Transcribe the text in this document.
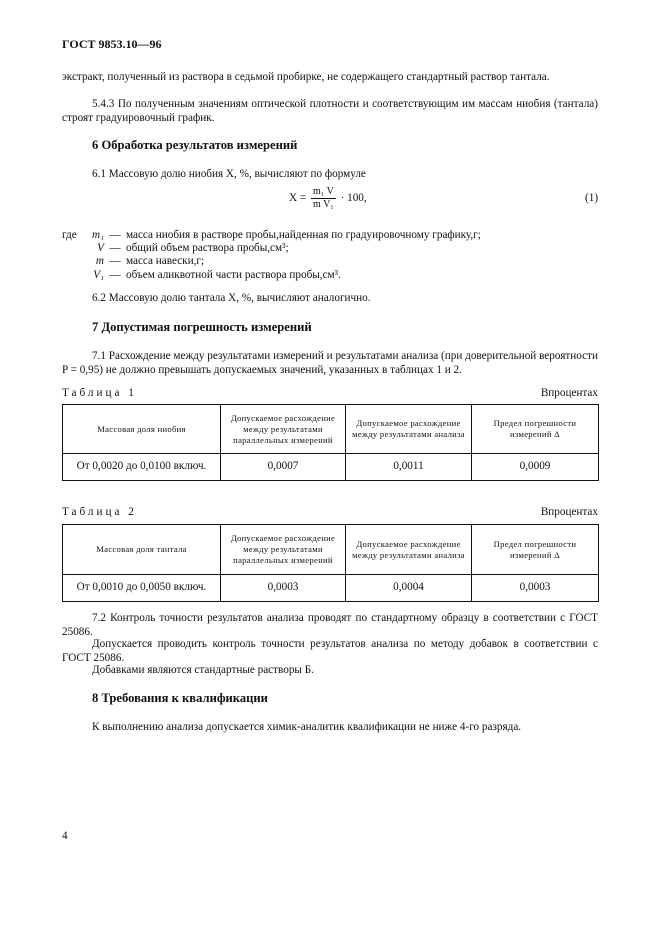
ГОСТ 9853.10—96
экстракт, полученный из раствора в седьмой пробирке, не содержащего стандартный раствор тантала.
5.4.3 По полученным значениям оптической плотности и соответствующим им массам ниобия (тантала) строят градуировочный график.
6 Обработка результатов измерений
6.1 Массовую долю ниобия X, %, вычисляют по формуле
$X = \frac{\text{m₁ V}}{\text{m V₁}} \cdot 100$,	(1)
где	m₁ — масса ниобия в растворе пробы,найденная по градуировочному графику,г;
V — общий объем раствора пробы,см³;
m — масса навески,г;
V₁ — объем аликвотной части раствора пробы,см³.
6.2 Массовую долю тантала X, %, вычисляют аналогично.
7 Допустимая погрешность измерений
7.1 Расхождение между результатами измерений и результатами анализа (при доверительной вероятности P = 0,95) не должно превышать допускаемых значений, указанных в таблицах 1 и 2.
Таблица 1	Впроцентах
Массовая доля ниобия	Допускаемое расхождение между результатами параллельных измерений	Допускаемое расхождение между результатами анализа	Предел погрешности измерений Δ
От 0,0020 до 0,0100 включ.	0,0007	0,0011	0,0009
Таблица 2	Впроцентах
Массовая доля тантала	Допускаемое расхождение между результатами параллельных измерений	Допускаемое расхождение между результатами анализа	Предел погрешности измерений Δ
От 0,0010 до 0,0050 включ.	0,0003	0,0004	0,0003
7.2 Контроль точности результатов анализа проводят по стандартному образцу в соответствии с ГОСТ 25086.
Допускается проводить контроль точности результатов анализа по методу добавок в соответствии с ГОСТ 25086.
Добавками являются стандартные растворы Б.
8 Требования к квалификации
К выполнению анализа допускается химик-аналитик квалификации не ниже 4-го разряда.
4
